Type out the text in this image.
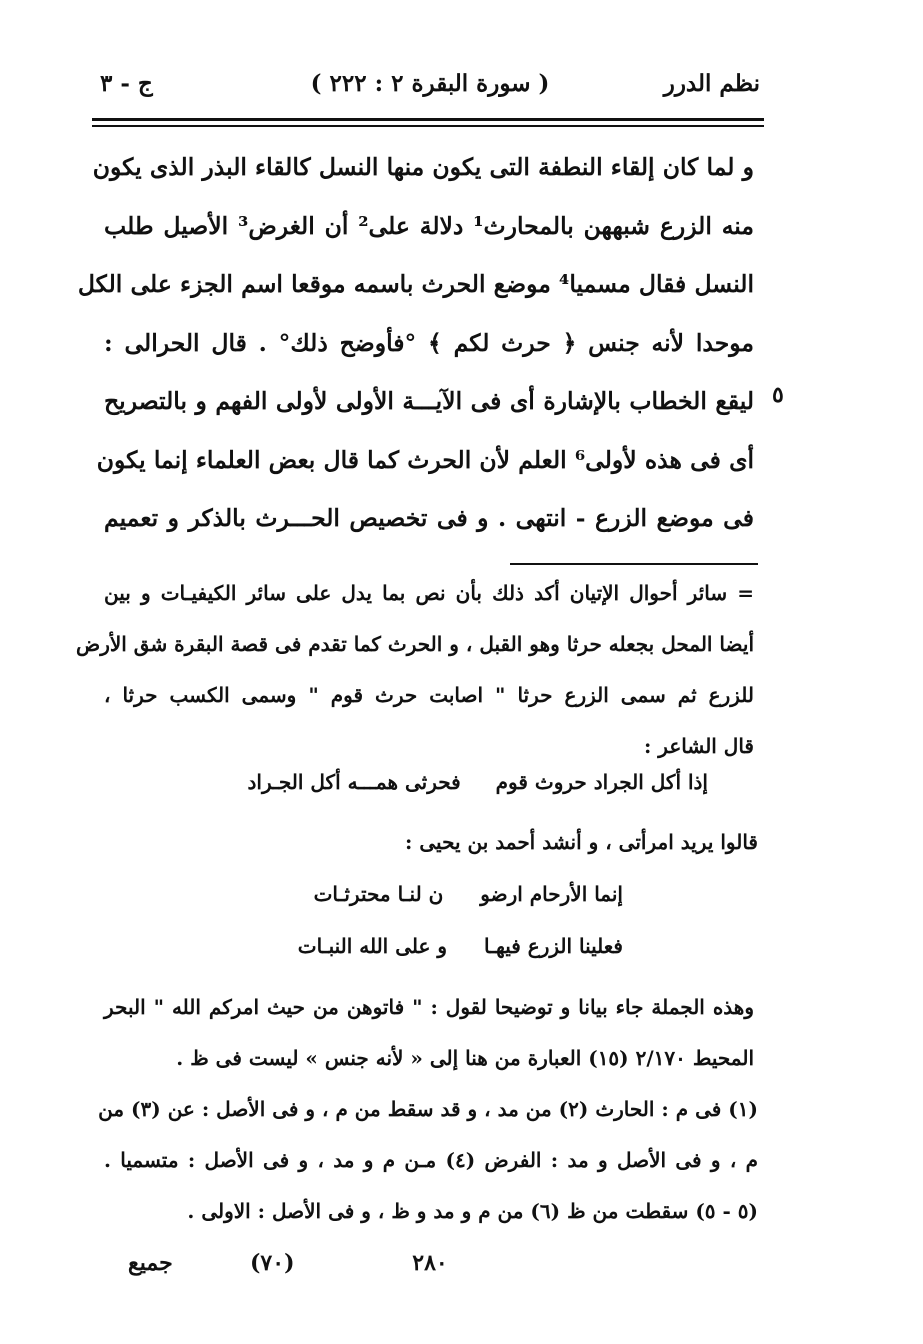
نظم الدرر
( سورة البقرة ٢ : ٢٢٢ )
ج - ٣
٥
و لما كان إلقاء النطفة التى يكون منها النسل كالقاء البذر الذى يكون
منه الزرع شبههن بالمحارث¹ دلالة على² أن الغرض³ الأصيل طلب
النسل فقال مسميا⁴ موضع الحرث باسمه موقعا اسم الجزء على الكل
موحدا لأنه جنس ﴿ حرث لكم ﴾ °فأوضح ذلك° . قال الحرالى :
ليقع الخطاب بالإشارة أى فى الآيـــة الأولى لأولى الفهم و بالتصريح
أى فى هذه لأولى⁶ العلم لأن الحرث كما قال بعض العلماء إنما يكون
فى موضع الزرع - انتهى . و فى تخصيص الحـــرث بالذكر و تعميم
= سائر أحوال الإتيان أكد ذلك بأن نص بما يدل على سائر الكيفيـات و بين
أيضا المحل بجعله حرثا وهو القبل ، و الحرث كما تقدم فى قصة البقرة شق الأرض
للزرع ثم سمى الزرع حرثا " اصابت حرث قوم " وسمى الكسب حرثا ،
قال الشاعر :
إذا أكل الجراد حروث قوم فحرثى همـــه أكل الجـراد
قالوا يريد امرأتى ، و أنشد أحمد بن يحيى :
إنما الأرحام ارضو ن لنـا محترثـات
فعلينا الزرع فيهـا و على الله النبـات
وهذه الجملة جاء بيانا و توضيحا لقول : " فاتوهن من حيث امركم الله " البحر
المحيط ٢/١٧٠ (١٥) العبارة من هنا إلى « لأنه جنس » ليست فى ظ .
(١) فى م : الحارث (٢) من مد ، و قد سقط من م ، و فى الأصل : عن (٣) من
م ، و فى الأصل و مد : الفرض (٤) مـن م و مد ، و فى الأصل : متسميا .
(٥ - ٥) سقطت من ظ (٦) من م و مد و ظ ، و فى الأصل : الاولى .
٢٨٠
(٧٠)
جميع
